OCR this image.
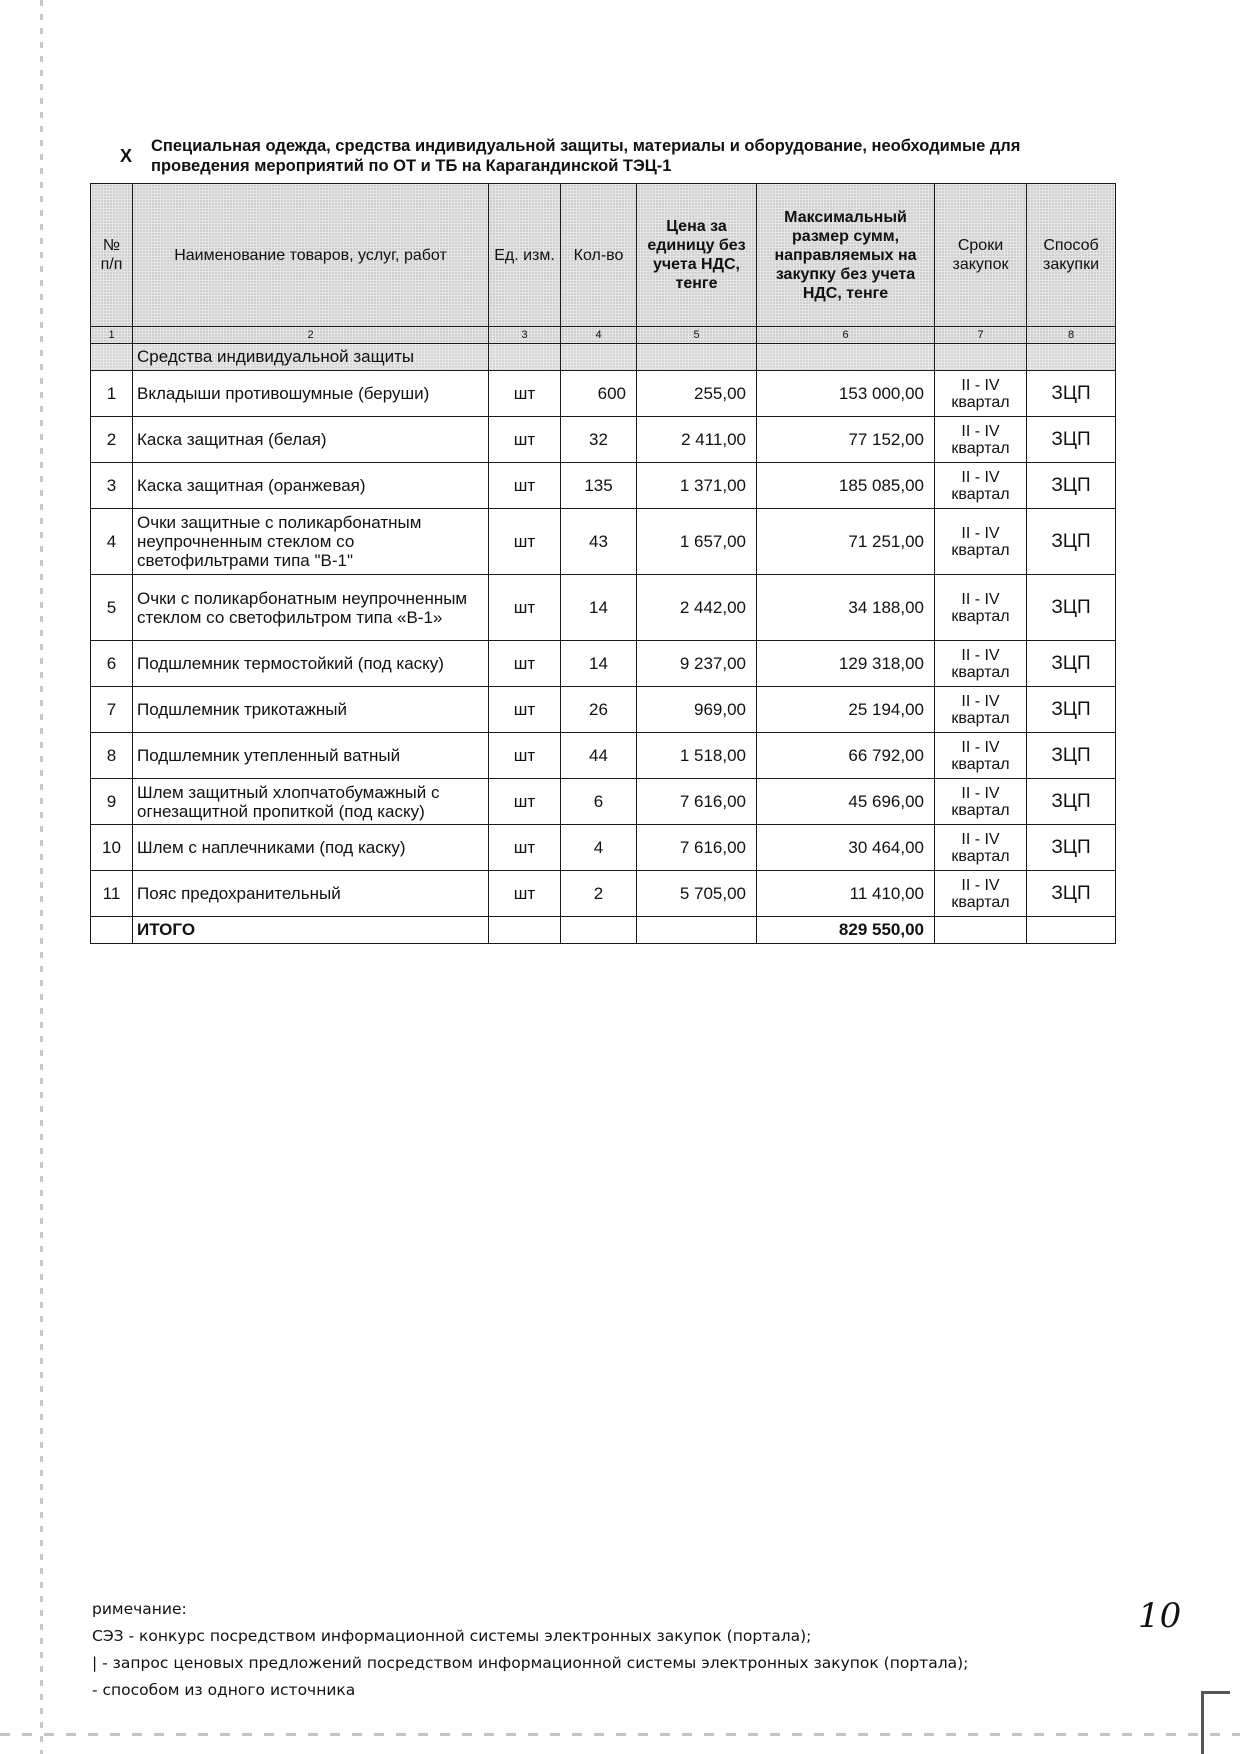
X Специальная одежда, средства индивидуальной защиты, материалы и оборудование, необходимые для проведения мероприятий по ОТ и ТБ на Карагандинской ТЭЦ-1
№ п/п	Наименование товаров, услуг, работ	Ед. изм.	Кол-во	Цена за единицу без учета НДС, тенге	Максимальный размер сумм, направляемых на закупку без учета НДС, тенге	Сроки закупок	Способ закупки
1	2	3	4	5	6	7	8
	Средства индивидуальной защиты						
1	Вкладыши противошумные (беруши)	шт	600	255,00	153 000,00	II - IV квартал	ЗЦП
2	Каска защитная (белая)	шт	32	2 411,00	77 152,00	II - IV квартал	ЗЦП
3	Каска защитная (оранжевая)	шт	135	1 371,00	185 085,00	II - IV квартал	ЗЦП
4	Очки защитные с поликарбонатным неупрочненным стеклом со светофильтрами типа "В-1"	шт	43	1 657,00	71 251,00	II - IV квартал	ЗЦП
5	Очки с поликарбонатным неупрочненным стеклом со светофильтром типа «В-1»	шт	14	2 442,00	34 188,00	II - IV квартал	ЗЦП
6	Подшлемник термостойкий (под каску)	шт	14	9 237,00	129 318,00	II - IV квартал	ЗЦП
7	Подшлемник трикотажный	шт	26	969,00	25 194,00	II - IV квартал	ЗЦП
8	Подшлемник утепленный ватный	шт	44	1 518,00	66 792,00	II - IV квартал	ЗЦП
9	Шлем защитный хлопчатобумажный с огнезащитной пропиткой (под каску)	шт	6	7 616,00	45 696,00	II - IV квартал	ЗЦП
10	Шлем с наплечниками (под каску)	шт	4	7 616,00	30 464,00	II - IV квартал	ЗЦП
11	Пояс предохранительный	шт	2	5 705,00	11 410,00	II - IV квартал	ЗЦП
	ИТОГО				829 550,00		
римечание:
СЭЗ - конкурс посредством информационной системы электронных закупок (портала);
| - запрос ценовых предложений посредством информационной системы электронных закупок (портала);
- способом из одного источника
10
